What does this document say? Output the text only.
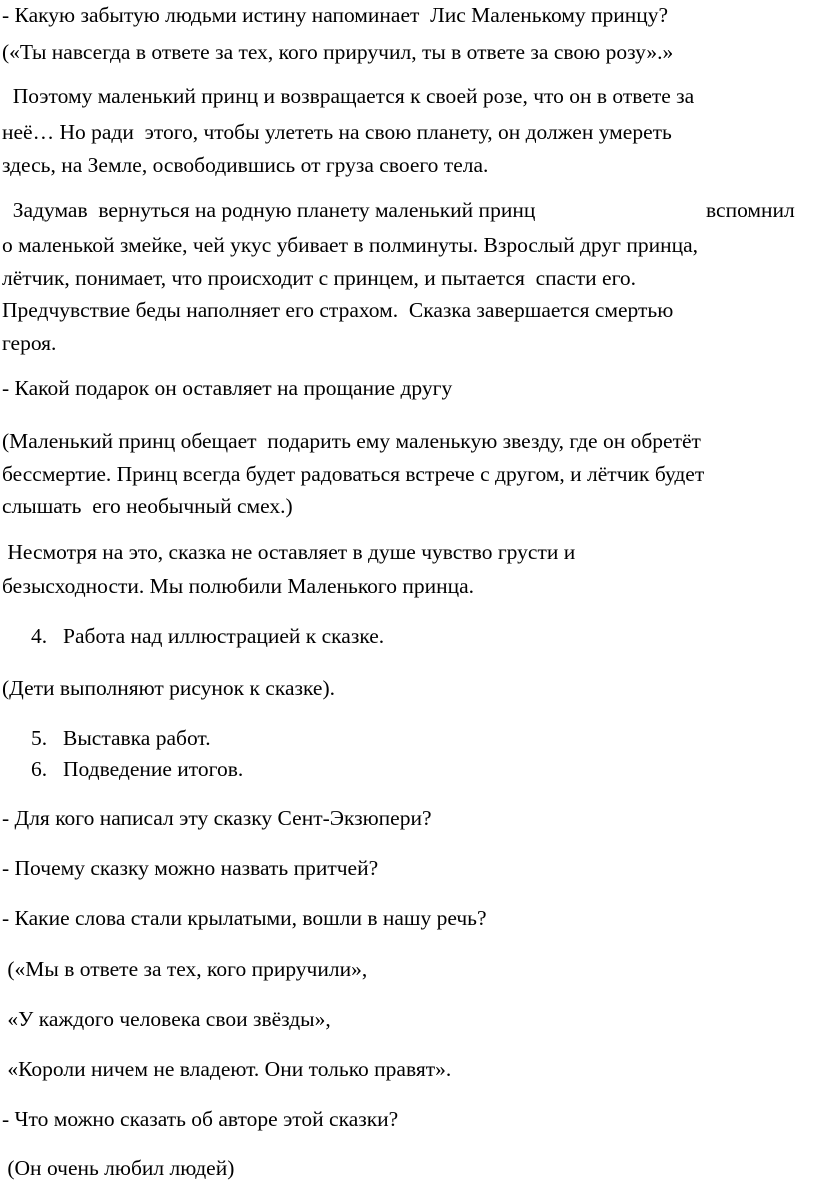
- Какую забытую людьми истину напоминает  Лис Маленькому принцу?
(«Ты навсегда в ответе за тех, кого приручил, ты в ответе за свою розу».»
Поэтому маленький принц и возвращается к своей розе, что он в ответе за
неё… Но ради  этого, чтобы улететь на свою планету, он должен умереть
здесь, на Земле, освободившись от груза своего тела.
Задумав  вернуться на родную планету маленький принц	вспомнил
о маленькой змейке, чей укус убивает в полминуты. Взрослый друг принца,
лётчик, понимает, что происходит с принцем, и пытается  спасти его.
Предчувствие беды наполняет его страхом.  Сказка завершается смертью
героя.
- Какой подарок он оставляет на прощание другу
(Маленький принц обещает  подарить ему маленькую звезду, где он обретёт
бессмертие. Принц всегда будет радоваться встрече с другом, и лётчик будет
слышать  его необычный смех.)
Несмотря на это, сказка не оставляет в душе чувство грусти и
безысходности. Мы полюбили Маленького принца.
4. Работа над иллюстрацией к сказке.
(Дети выполняют рисунок к сказке).
5. Выставка работ.
6. Подведение итогов.
- Для кого написал эту сказку Сент-Экзюпери?
- Почему сказку можно назвать притчей?
- Какие слова стали крылатыми, вошли в нашу речь?
(«Мы в ответе за тех, кого приручили»,
«У каждого человека свои звёзды»,
«Короли ничем не владеют. Они только правят».
- Что можно сказать об авторе этой сказки?
(Он очень любил людей)
